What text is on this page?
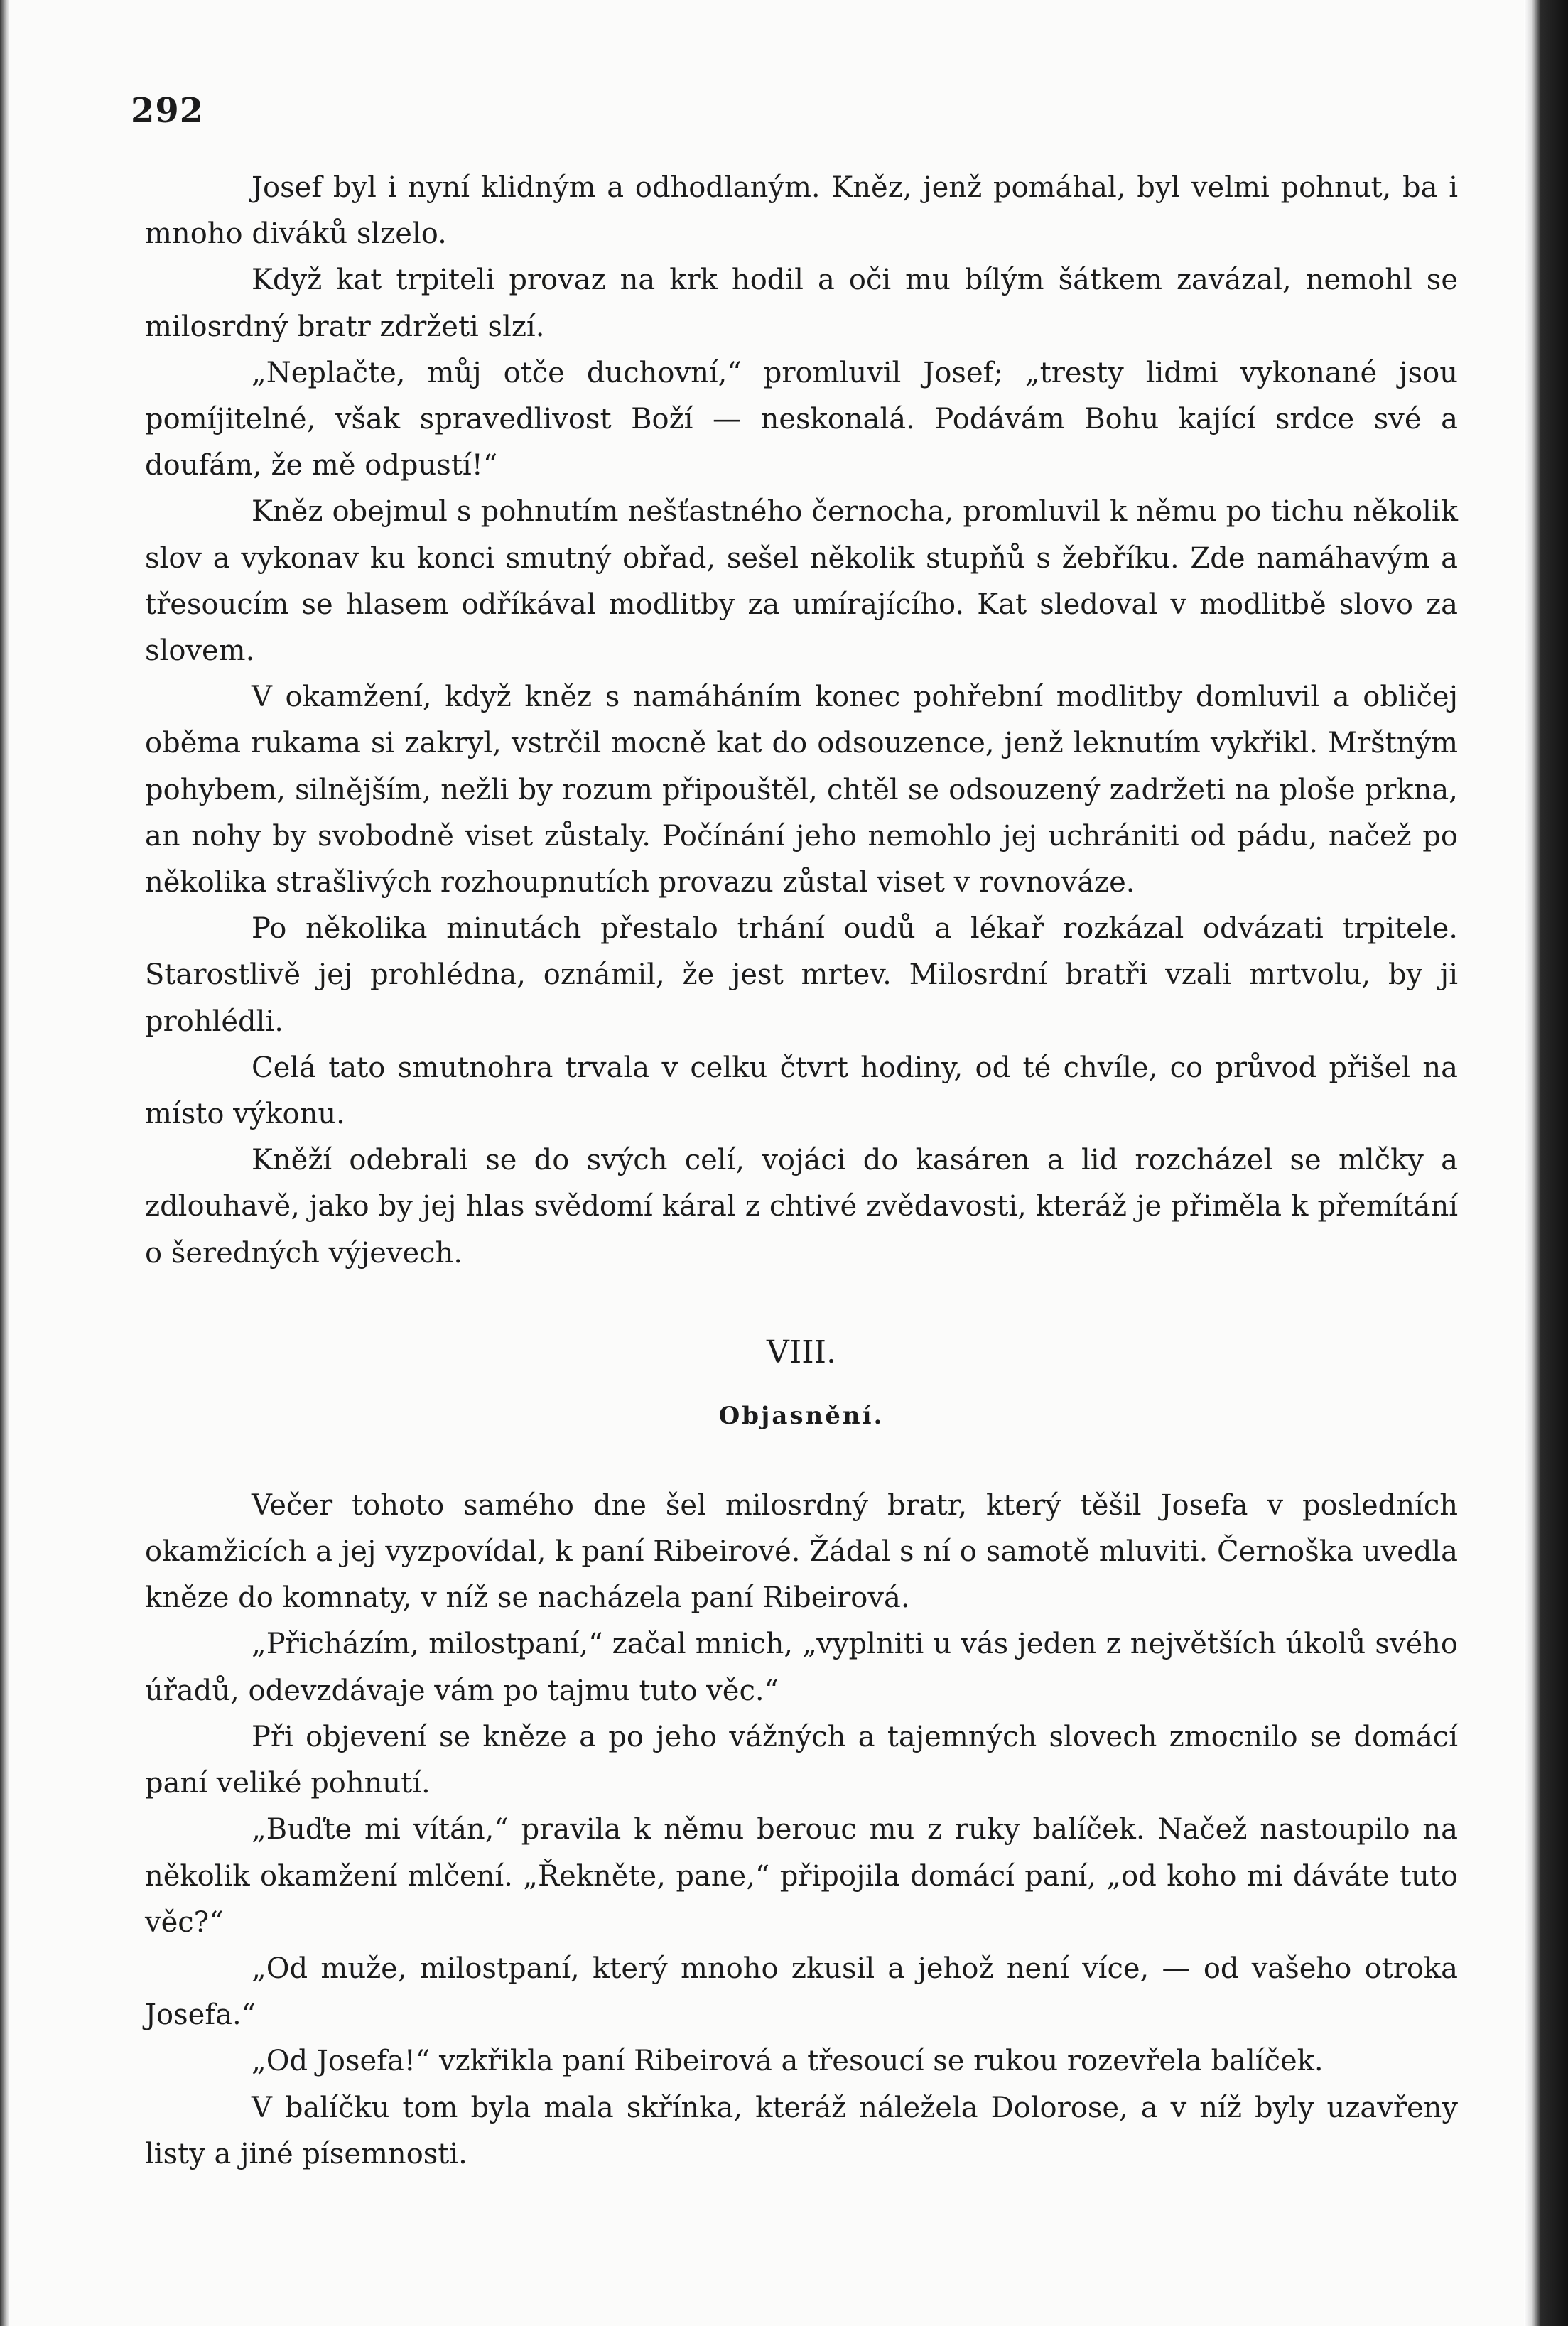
292

Josef byl i nyní klidným a odhodlaným. Kněz, jenž pomáhal, byl velmi pohnut, ba i mnoho diváků slzelo.

Když kat trpiteli provaz na krk hodil a oči mu bílým šátkem zavázal, nemohl se milosrdný bratr zdržeti slzí.

„Neplačte, můj otče duchovní,“ promluvil Josef; „tresty lidmi vykonané jsou pomíjitelné, však spravedlivost Boží — neskonalá. Podávám Bohu kající srdce své a doufám, že mě odpustí!“

Kněz obejmul s pohnutím nešťastného černocha, promluvil k němu po tichu několik slov a vykonav ku konci smutný obřad, sešel několik stupňů s žebříku. Zde namáhavým a třesoucím se hlasem odříkával modlitby za umírajícího. Kat sledoval v modlitbě slovo za slovem.

V okamžení, když kněz s namáháním konec pohřební modlitby domluvil a obličej oběma rukama si zakryl, vstrčil mocně kat do odsouzence, jenž leknutím vykřikl. Mrštným pohybem, silnějším, nežli by rozum připouštěl, chtěl se odsouzený zadržeti na ploše prkna, an nohy by svobodně viset zůstaly. Počínání jeho nemohlo jej uchrániti od pádu, načež po několika strašlivých rozhoupnutích provazu zůstal viset v rovnováze.

Po několika minutách přestalo trhání oudů a lékař rozkázal odvázati trpitele. Starostlivě jej prohlédna, oznámil, že jest mrtev. Milosrdní bratři vzali mrtvolu, by ji prohlédli.

Celá tato smutnohra trvala v celku čtvrt hodiny, od té chvíle, co průvod přišel na místo výkonu.

Kněží odebrali se do svých celí, vojáci do kasáren a lid rozcházel se mlčky a zdlouhavě, jako by jej hlas svědomí káral z chtivé zvědavosti, kteráž je přiměla k přemítání o šeredných výjevech.

VIII.
Objasnění.

Večer tohoto samého dne šel milosrdný bratr, který těšil Josefa v posledních okamžicích a jej vyzpovídal, k paní Ribeirové. Žádal s ní o samotě mluviti. Černoška uvedla kněze do komnaty, v níž se nacházela paní Ribeirová.

„Přicházím, milostpaní,“ začal mnich, „vyplniti u vás jeden z největších úkolů svého úřadů, odevzdávaje vám po tajmu tuto věc.“

Při objevení se kněze a po jeho vážných a tajemných slovech zmocnilo se domácí paní veliké pohnutí.

„Buďte mi vítán,“ pravila k němu berouc mu z ruky balíček. Načež nastoupilo na několik okamžení mlčení. „Řekněte, pane,“ připojila domácí paní, „od koho mi dáváte tuto věc?“

„Od muže, milostpaní, který mnoho zkusil a jehož není více, — od vašeho otroka Josefa.“

„Od Josefa!“ vzkřikla paní Ribeirová a třesoucí se rukou rozevřela balíček.

V balíčku tom byla mala skřínka, kteráž náležela Dolorose, a v níž byly uzavřeny listy a jiné písemnosti.
